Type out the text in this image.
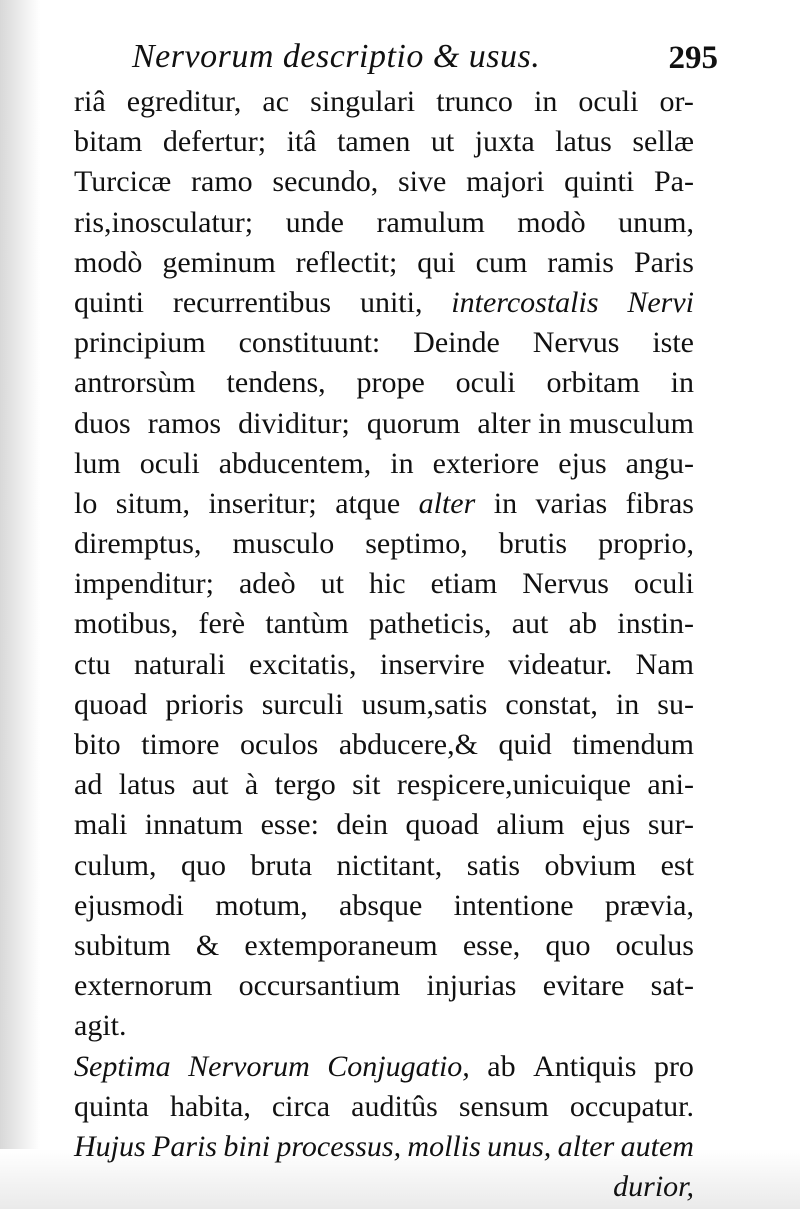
Nervorum descriptio & usus.	295
riâ egreditur, ac singulari trunco in oculi or-
bitam defertur; itâ tamen ut juxta latus sellæ
Turcicæ ramo secundo, sive majori quinti Pa-
ris,inosculatur; unde ramulum modò unum,
modò geminum reflectit; qui cum ramis Paris
quinti recurrentibus uniti, intercostalis Nervi
principium constituunt: Deinde Nervus iste
antrorsùm tendens, prope oculi orbitam in
duos ramos dividitur; quorum alter in musculum
lum oculi abducentem, in exteriore ejus angu-
lo situm, inseritur; atque alter in varias fibras
diremptus, musculo septimo, brutis proprio,
impenditur; adeò ut hic etiam Nervus oculi
motibus, ferè tantùm patheticis, aut ab instin-
ctu naturali excitatis, inservire videatur. Nam
quoad prioris surculi usum,satis constat, in su-
bito timore oculos abducere,& quid timendum
ad latus aut à tergo sit respicere,unicuique ani-
mali innatum esse: dein quoad alium ejus sur-
culum, quo bruta nictitant, satis obvium est
ejusmodi motum, absque intentione prævia,
subitum & extemporaneum esse, quo oculus
externorum occursantium injurias evitare sat-
agit.
Septima Nervorum Conjugatio, ab Antiquis pro
quinta habita, circa auditûs sensum occupatur.
Hujus Paris bini processus, mollis unus, alter autem
durior,
